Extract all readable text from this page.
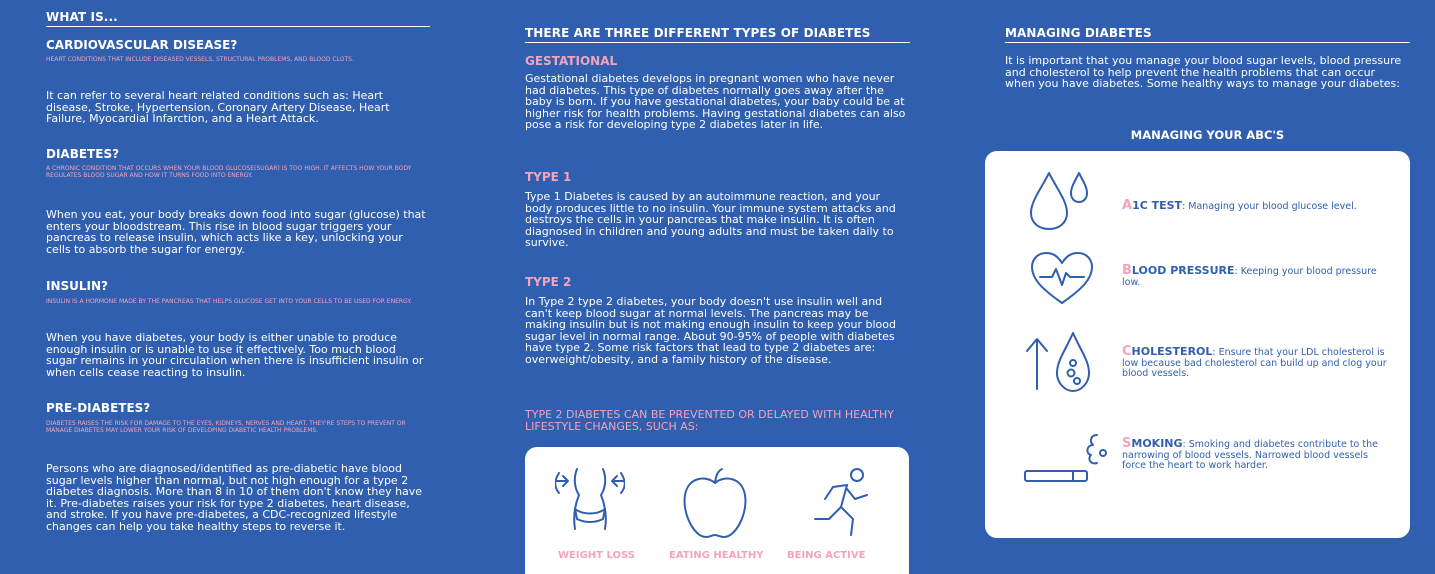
WHAT IS...
CARDIOVASCULAR DISEASE?
HEART CONDITIONS THAT INCLUDE DISEASED VESSELS, STRUCTURAL PROBLEMS, AND BLOOD CLOTS.
It can refer to several heart related conditions such as: Heart disease, Stroke, Hypertension, Coronary Artery Disease, Heart Failure, Myocardial Infarction, and a Heart Attack.
DIABETES?
A CHRONIC CONDITION THAT OCCURS WHEN YOUR BLOOD GLUCOSE(SUGAR) IS TOO HIGH. IT AFFECTS HOW YOUR BODY REGULATES BLOOD SUGAR AND HOW IT TURNS FOOD INTO ENERGY.
When you eat, your body breaks down food into sugar (glucose) that enters your bloodstream. This rise in blood sugar triggers your pancreas to release insulin, which acts like a key, unlocking your cells to absorb the sugar for energy.
INSULIN?
INSULIN IS A HORMONE MADE BY THE PANCREAS THAT HELPS GLUCOSE GET INTO YOUR CELLS TO BE USED FOR ENERGY.
When you have diabetes, your body is either unable to produce enough insulin or is unable to use it effectively. Too much blood sugar remains in your circulation when there is insufficient insulin or when cells cease reacting to insulin.
PRE-DIABETES?
DIABETES RAISES THE RISK FOR DAMAGE TO THE EYES, KIDNEYS, NERVES AND HEART. THEY'RE STEPS TO PREVENT OR MANAGE DIABETES MAY LOWER YOUR RISK OF DEVELOPING DIABETIC HEALTH PROBLEMS.
Persons who are diagnosed/identified as pre-diabetic have blood sugar levels higher than normal, but not high enough for a type 2 diabetes diagnosis. More than 8 in 10 of them don't know they have it. Pre-diabetes raises your risk for type 2 diabetes, heart disease, and stroke. If you have pre-diabetes, a CDC-recognized lifestyle changes can help you take healthy steps to reverse it.
THERE ARE THREE DIFFERENT TYPES OF DIABETES
GESTATIONAL
Gestational diabetes develops in pregnant women who have never had diabetes. This type of diabetes normally goes away after the baby is born. If you have gestational diabetes, your baby could be at higher risk for health problems. Having gestational diabetes can also pose a risk for developing type 2 diabetes later in life.
TYPE 1
Type 1 Diabetes is caused by an autoimmune reaction, and your body produces little to no insulin. Your immune system attacks and destroys the cells in your pancreas that make insulin. It is often diagnosed in children and young adults and must be taken daily to survive.
TYPE 2
In Type 2 type 2 diabetes, your body doesn't use insulin well and can't keep blood sugar at normal levels. The pancreas may be making insulin but is not making enough insulin to keep your blood sugar level in normal range. About 90-95% of people with diabetes have type 2. Some risk factors that lead to type 2 diabetes are: overweight/obesity, and a family history of the disease.
TYPE 2 DIABETES CAN BE PREVENTED OR DELAYED WITH HEALTHY LIFESTYLE CHANGES, SUCH AS:
WEIGHT LOSS	EATING HEALTHY BEING ACTIVE
MANAGING DIABETES
It is important that you manage your blood sugar levels, blood pressure and cholesterol to help prevent the health problems that can occur when you have diabetes. Some healthy ways to manage your diabetes:
MANAGING YOUR ABC'S
A1C TEST: Managing your blood glucose level.
BLOOD PRESSURE: Keeping your blood pressure low.
CHOLESTEROL: Ensure that your LDL cholesterol is low because bad cholesterol can build up and clog your blood vessels.
SMOKING: Smoking and diabetes contribute to the narrowing of blood vessels. Narrowed blood vessels force the heart to work harder.
